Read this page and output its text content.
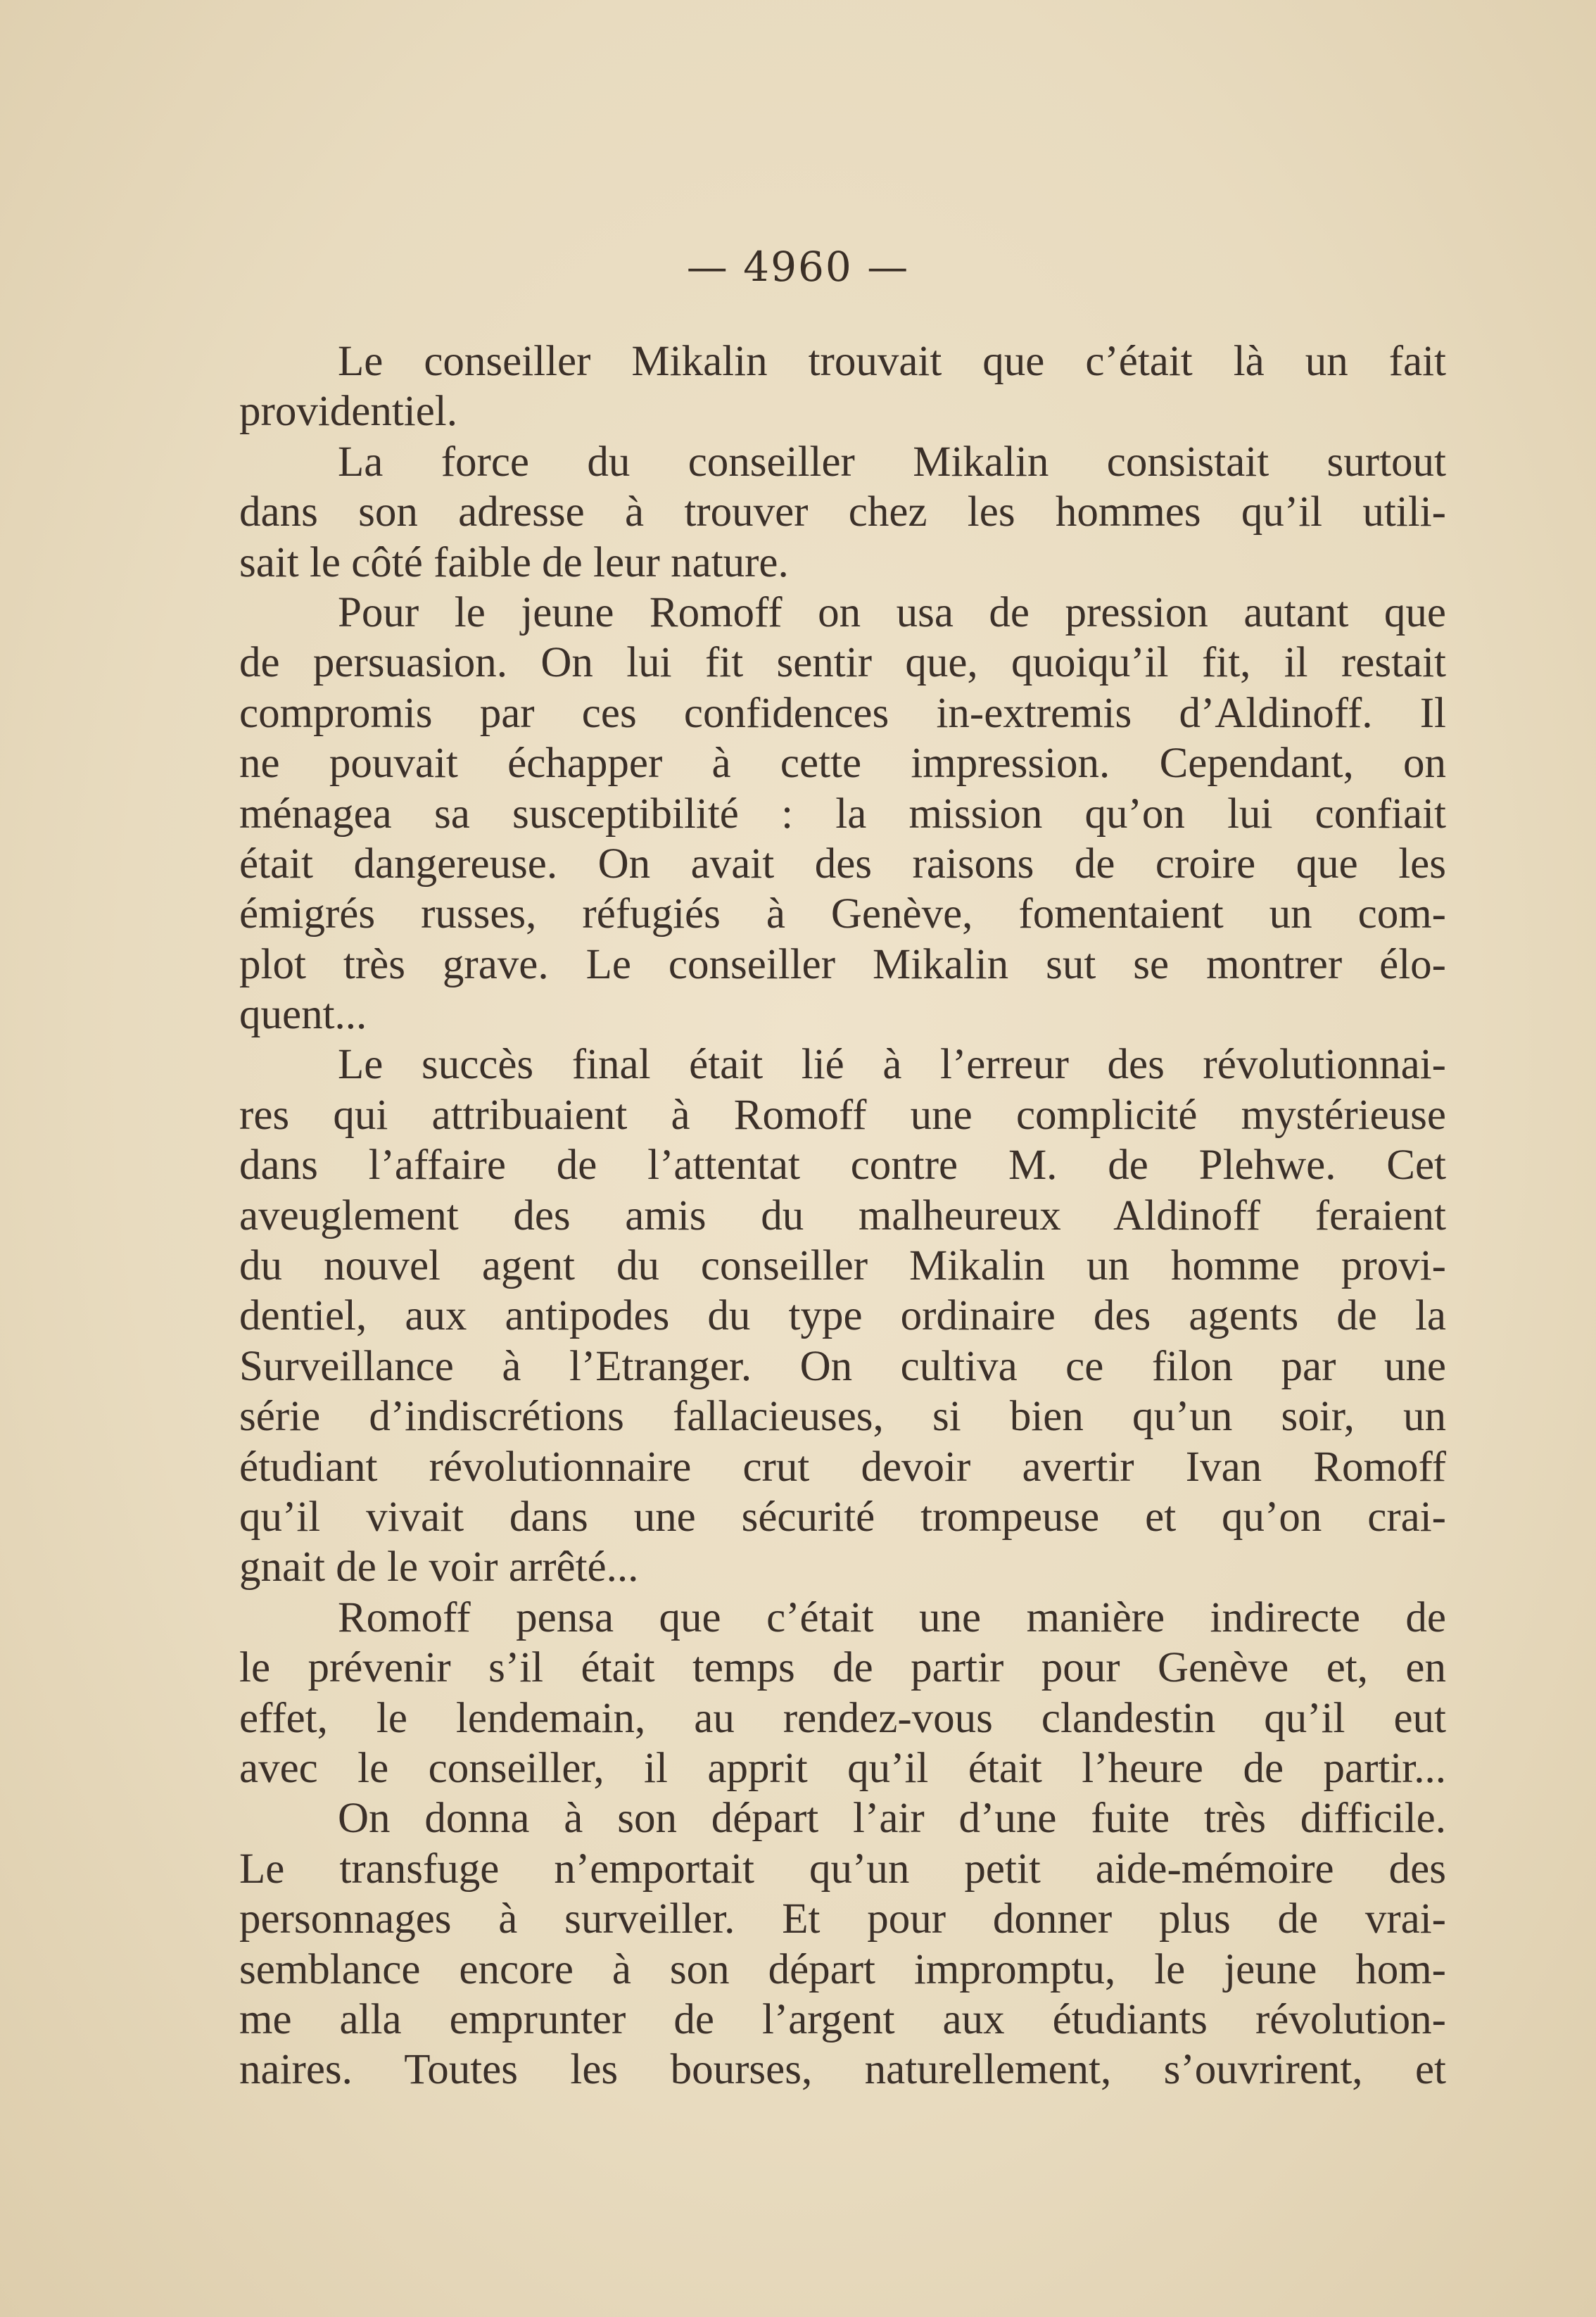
— 4960 —
Le conseiller Mikalin trouvait que c’était là un fait
providentiel.
La force du conseiller Mikalin consistait surtout
dans son adresse à trouver chez les hommes qu’il utili-
sait le côté faible de leur nature.
Pour le jeune Romoff on usa de pression autant que
de persuasion. On lui fit sentir que, quoiqu’il fit, il restait
compromis par ces confidences in-extremis d’Aldinoff. Il
ne pouvait échapper à cette impression. Cependant, on
ménagea sa susceptibilité : la mission qu’on lui confiait
était dangereuse. On avait des raisons de croire que les
émigrés russes, réfugiés à Genève, fomentaient un com-
plot très grave. Le conseiller Mikalin sut se montrer élo-
quent...
Le succès final était lié à l’erreur des révolutionnai-
res qui attribuaient à Romoff une complicité mystérieuse
dans l’affaire de l’attentat contre M. de Plehwe. Cet
aveuglement des amis du malheureux Aldinoff feraient
du nouvel agent du conseiller Mikalin un homme provi-
dentiel, aux antipodes du type ordinaire des agents de la
Surveillance à l’Etranger. On cultiva ce filon par une
série d’indiscrétions fallacieuses, si bien qu’un soir, un
étudiant révolutionnaire crut devoir avertir Ivan Romoff
qu’il vivait dans une sécurité trompeuse et qu’on crai-
gnait de le voir arrêté...
Romoff pensa que c’était une manière indirecte de
le prévenir s’il était temps de partir pour Genève et, en
effet, le lendemain, au rendez-vous clandestin qu’il eut
avec le conseiller, il apprit qu’il était l’heure de partir...
On donna à son départ l’air d’une fuite très difficile.
Le transfuge n’emportait qu’un petit aide-mémoire des
personnages à surveiller. Et pour donner plus de vrai-
semblance encore à son départ impromptu, le jeune hom-
me alla emprunter de l’argent aux étudiants révolution-
naires. Toutes les bourses, naturellement, s’ouvrirent, et
